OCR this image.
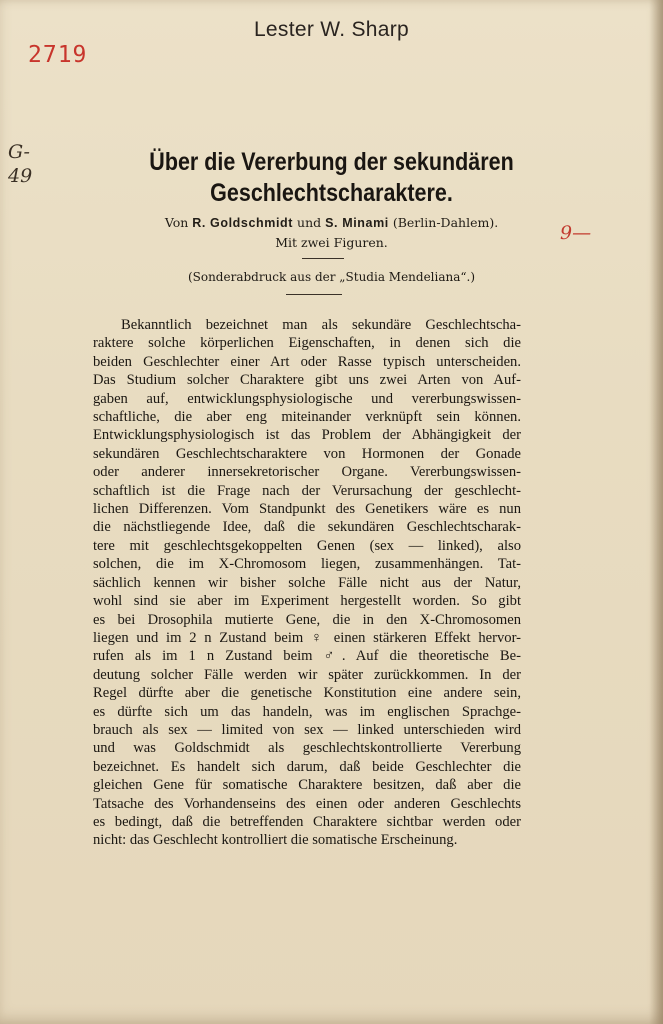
2719
Lester W. Sharp
G-
49
9—
Über die Vererbung der sekundären
Geschlechtscharaktere.
Von R. Goldschmidt und S. Minami (Berlin-Dahlem).
Mit zwei Figuren.
(Sonderabdruck aus der „Studia Mendeliana“.)
Bekanntlich bezeichnet man als sekundäre Geschlechtscha-
raktere solche körperlichen Eigenschaften, in denen sich die
beiden Geschlechter einer Art oder Rasse typisch unterscheiden.
Das Studium solcher Charaktere gibt uns zwei Arten von Auf-
gaben auf, entwicklungsphysiologische und vererbungswissen-
schaftliche, die aber eng miteinander verknüpft sein können.
Entwicklungsphysiologisch ist das Problem der Abhängigkeit der
sekundären Geschlechtscharaktere von Hormonen der Gonade
oder anderer innersekretorischer Organe. Vererbungswissen-
schaftlich ist die Frage nach der Verursachung der geschlecht-
lichen Differenzen. Vom Standpunkt des Genetikers wäre es nun
die nächstliegende Idee, daß die sekundären Geschlechtscharak-
tere mit geschlechtsgekoppelten Genen (sex — linked), also
solchen, die im X-Chromosom liegen, zusammenhängen. Tat-
sächlich kennen wir bisher solche Fälle nicht aus der Natur,
wohl sind sie aber im Experiment hergestellt worden. So gibt
es bei Drosophila mutierte Gene, die in den X-Chromosomen
liegen und im 2 n Zustand beim ♀ einen stärkeren Effekt hervor-
rufen als im 1 n Zustand beim ♂. Auf die theoretische Be-
deutung solcher Fälle werden wir später zurückkommen. In der
Regel dürfte aber die genetische Konstitution eine andere sein,
es dürfte sich um das handeln, was im englischen Sprachge-
brauch als sex — limited von sex — linked unterschieden wird
und was Goldschmidt als geschlechtskontrollierte Vererbung
bezeichnet. Es handelt sich darum, daß beide Geschlechter die
gleichen Gene für somatische Charaktere besitzen, daß aber die
Tatsache des Vorhandenseins des einen oder anderen Geschlechts
es bedingt, daß die betreffenden Charaktere sichtbar werden oder
nicht: das Geschlecht kontrolliert die somatische Erscheinung.
